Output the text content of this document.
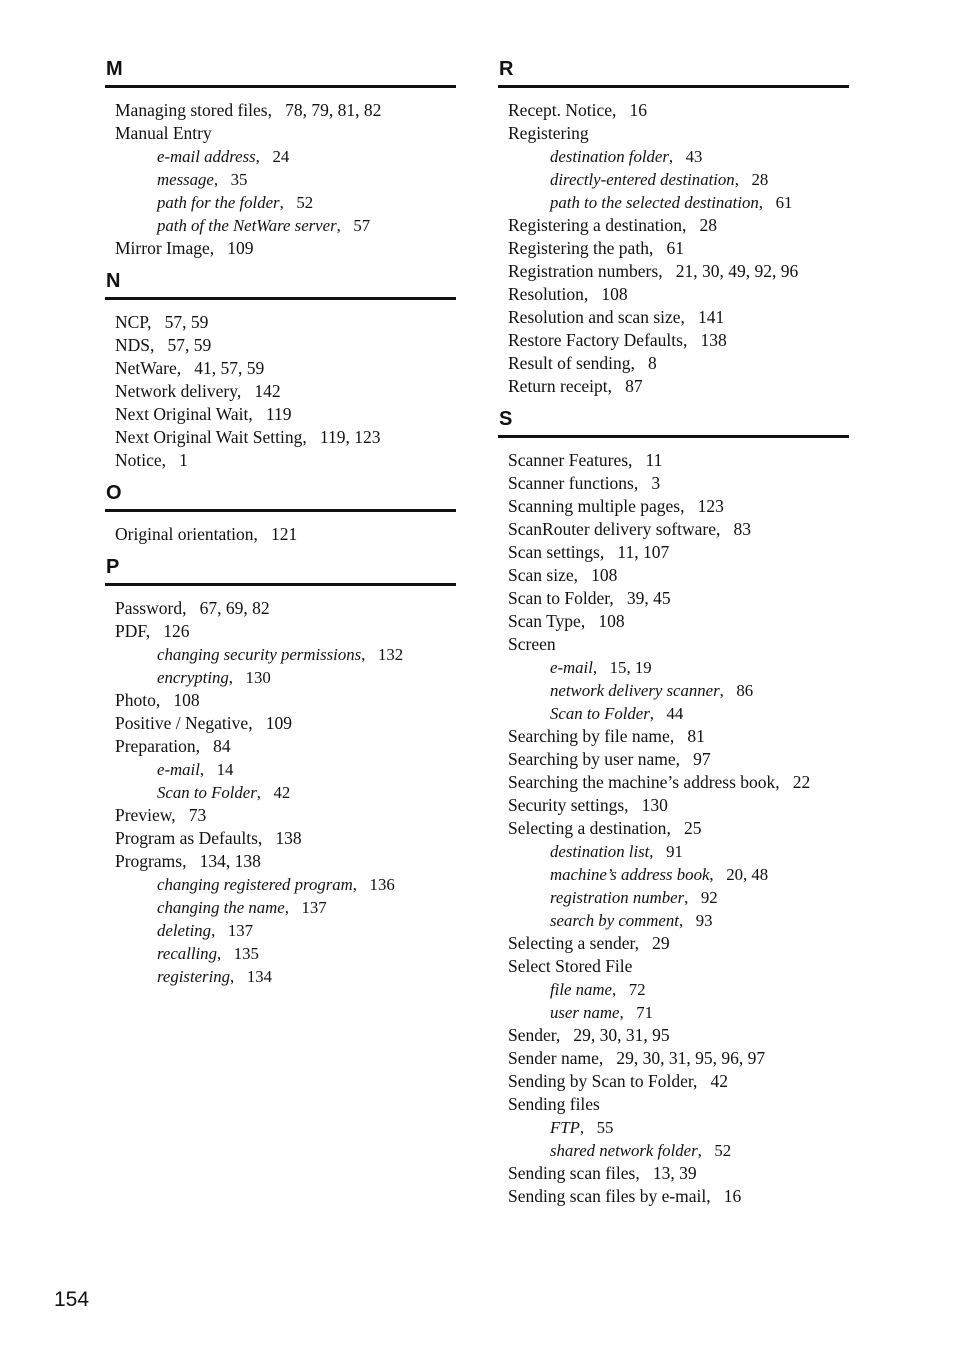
M
Managing stored files,  78, 79, 81, 82
Manual Entry
e-mail address,  24
message,  35
path for the folder,  52
path of the NetWare server,  57
Mirror Image,  109
N
NCP,  57, 59
NDS,  57, 59
NetWare,  41, 57, 59
Network delivery,  142
Next Original Wait,  119
Next Original Wait Setting,  119, 123
Notice,  1
O
Original orientation,  121
P
Password,  67, 69, 82
PDF,  126
changing security permissions,  132
encrypting,  130
Photo,  108
Positive / Negative,  109
Preparation,  84
e-mail,  14
Scan to Folder,  42
Preview,  73
Program as Defaults,  138
Programs,  134, 138
changing registered program,  136
changing the name,  137
deleting,  137
recalling,  135
registering,  134
R
Recept. Notice,  16
Registering
destination folder,  43
directly-entered destination,  28
path to the selected destination,  61
Registering a destination,  28
Registering the path,  61
Registration numbers,  21, 30, 49, 92, 96
Resolution,  108
Resolution and scan size,  141
Restore Factory Defaults,  138
Result of sending,  8
Return receipt,  87
S
Scanner Features,  11
Scanner functions,  3
Scanning multiple pages,  123
ScanRouter delivery software,  83
Scan settings,  11, 107
Scan size,  108
Scan to Folder,  39, 45
Scan Type,  108
Screen
e-mail,  15, 19
network delivery scanner,  86
Scan to Folder,  44
Searching by file name,  81
Searching by user name,  97
Searching the machine’s address book,  22
Security settings,  130
Selecting a destination,  25
destination list,  91
machine’s address book,  20, 48
registration number,  92
search by comment,  93
Selecting a sender,  29
Select Stored File
file name,  72
user name,  71
Sender,  29, 30, 31, 95
Sender name,  29, 30, 31, 95, 96, 97
Sending by Scan to Folder,  42
Sending files
FTP,  55
shared network folder,  52
Sending scan files,  13, 39
Sending scan files by e-mail,  16
154
